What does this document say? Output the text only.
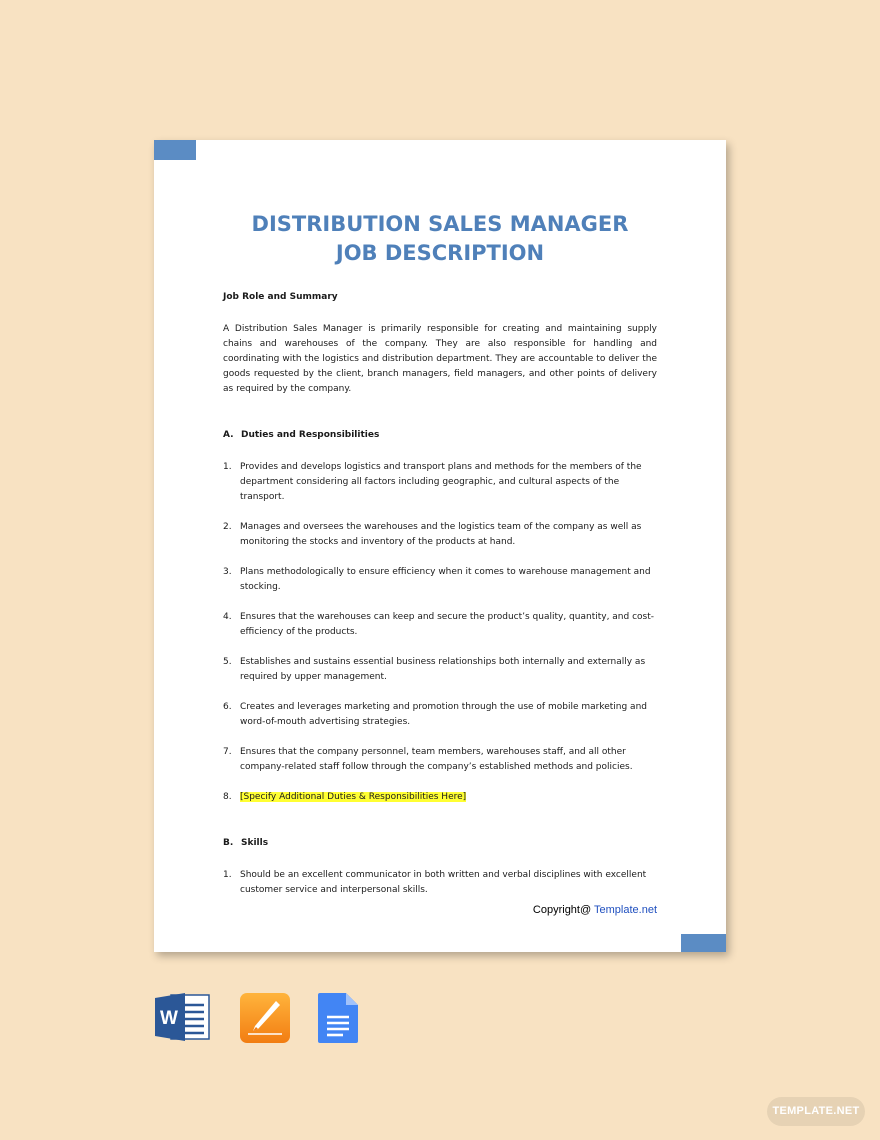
DISTRIBUTION SALES MANAGER
JOB DESCRIPTION

Job Role and Summary

A Distribution Sales Manager is primarily responsible for creating and maintaining supply chains and warehouses of the company. They are also responsible for handling and coordinating with the logistics and distribution department. They are accountable to deliver the goods requested by the client, branch managers, field managers, and other points of delivery as required by the company.

A. Duties and Responsibilities

1. Provides and develops logistics and transport plans and methods for the members of the department considering all factors including geographic, and cultural aspects of the transport.
2. Manages and oversees the warehouses and the logistics team of the company as well as monitoring the stocks and inventory of the products at hand.
3. Plans methodologically to ensure efficiency when it comes to warehouse management and stocking.
4. Ensures that the warehouses can keep and secure the product’s quality, quantity, and cost-efficiency of the products.
5. Establishes and sustains essential business relationships both internally and externally as required by upper management.
6. Creates and leverages marketing and promotion through the use of mobile marketing and word-of-mouth advertising strategies.
7. Ensures that the company personnel, team members, warehouses staff, and all other company-related staff follow through the company’s established methods and policies.
8. [Specify Additional Duties & Responsibilities Here]

B. Skills

1. Should be an excellent communicator in both written and verbal disciplines with excellent customer service and interpersonal skills.
Copyright@ Template.net
W
TEMPLATE.NET
